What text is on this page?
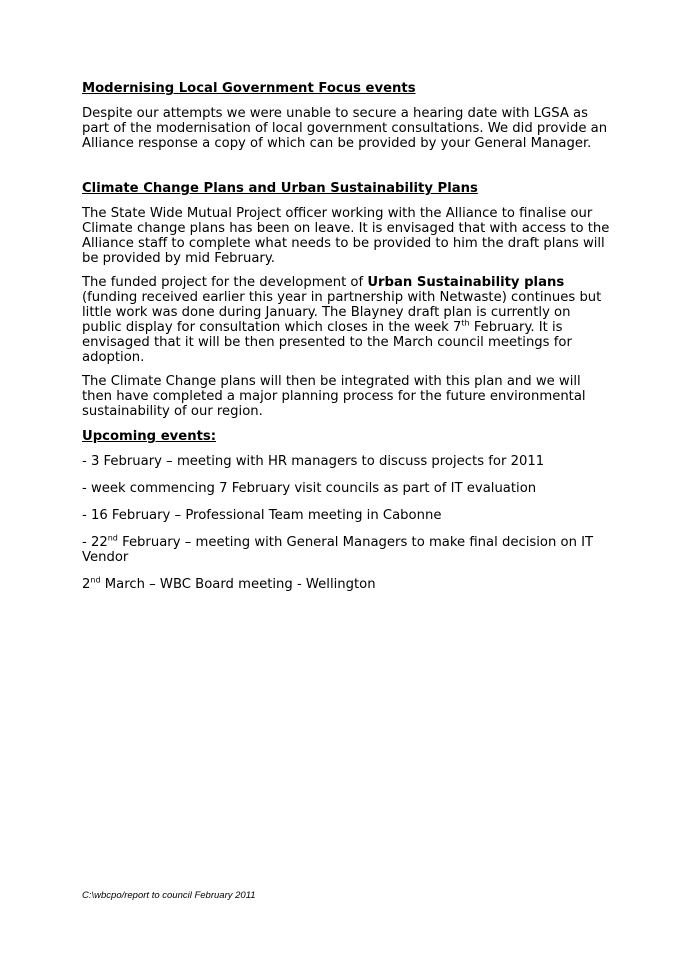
Modernising Local Government Focus events
Despite our attempts we were unable to secure a hearing date with LGSA as part of the modernisation of local government consultations. We did provide an Alliance response a copy of which can be provided by your General Manager.
Climate Change Plans and Urban Sustainability Plans
The State Wide Mutual Project officer working with the Alliance to finalise our Climate change plans has been on leave. It is envisaged that with access to the Alliance staff to complete what needs to be provided to him the draft plans will be provided by mid February.
The funded project for the development of Urban Sustainability plans (funding received earlier this year in partnership with Netwaste) continues but little work was done during January. The Blayney draft plan is currently on public display for consultation which closes in the week 7th February. It is envisaged that it will be then presented to the March council meetings for adoption.
The Climate Change plans will then be integrated with this plan and we will then have completed a major planning process for the future environmental sustainability of our region.
Upcoming events:
- 3 February – meeting with HR managers to discuss projects for 2011
- week commencing 7 February visit councils as part of IT evaluation
- 16 February – Professional Team meeting in Cabonne
- 22nd February – meeting with General Managers to make final decision on IT Vendor
2nd March – WBC Board meeting - Wellington
C:\wbcpo/report to council February 2011
